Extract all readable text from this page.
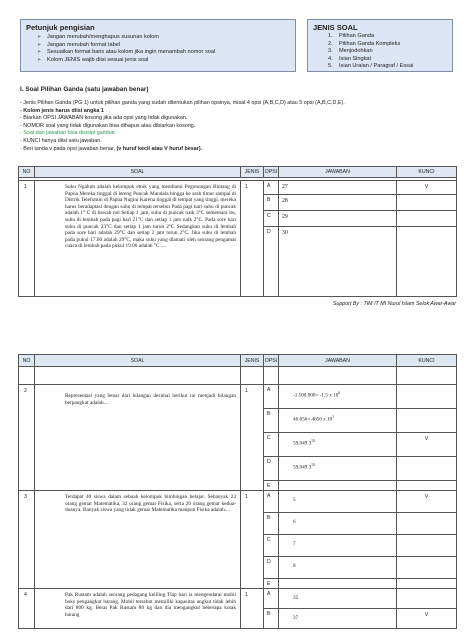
Petunjuk pengisian
➢ Jangan merubah/menghapus susunan kolom
➢ Jangan merubah format tabel
➢ Sesuaikan format baris atau kolom jika ingin menambah nomor soal
➢ Kolom JENIS wajib diisi sesuai jenis soal
JENIS SOAL
1. Pilihan Ganda
2. Pilihan Ganda Kompleks
3. Menjodohkan
4. Isian Singkat
5. Isian Uraian / Paragraf / Essai
I. Soal Pilihan Ganda (satu jawaban benar)
- Jenis Pilihan Ganda (PG 1) untuk pilihan ganda yang sudah ditentukan pilihan opsinya, misal 4 opsi (A,B,C,D) atau 5 opsi (A,B,C,D,E).
- Kolom jenis harus diisi angka 1
- Biarkan OPSI JAWABAN kosong jika ada opsi yang tidak digunakan.
- NOMOR soal yang tidak digunakan bisa dihapus atau dibiarkan kosong.
- Soal dan jawaban bisa disisipi gambar.
- KUNCI hanya diisi satu jawaban.
- Beri tanda v pada opsi jawaban benar, (v huruf kecil atau V huruf besar).
NO	SOAL	JENIS	OPSI	JAWABAN	KUNCI

1	Suku Ngalum adalah kelompok etnik yang mendiami Pegunungan Bintang di Papua Mereka tinggal di lereng Puncak Mandala hingga ke arah timur sampai di Distrik Telefomin di Papua Nugini Karena tinggal di tempat yang tinggi, mereka harus beradaptasi dengan suhu di tempat tersebut Pada pagi hari suhu di puncak adalah 1° C di bawah nol Setiap 1 jam, suhu di puncak naik 3°C sementara itu, suhu di lembah pada pagi hari 21°C dan setiap 1 jam naik 2°C. Pada sore hari suhu di puncak 23°C dan setiap 1 jam turun 2°C Sedangkan suhu di lembah pada sore hari adalah 29°C dan setiap 2 jam turun 2°C. Jika suhu di lembah pada pukul 17.00 adalah 29°C, maka suhu yang diamati oleh seorang pengamat cuaca di lembah pada pukul 19.00 adalah °C ....	1	A	27	V
			B	28	
			C	29	
			D	30	
Support By : TIM IT MI Nurul Islam Selok Awar-Awar
NO	SOAL	JENIS	OPSI	JAWABAN	KUNCI

2	Representasi yang benar dari bilangan desimal berikut ini menjadi bilangan berpangkat adalah....	1	A	-1.500.000= -1,5 x $10^6$	
			B	46.656= 4656 x $10^1$	
			C	59,049 $3^{10}$	V
			D	59,049 $3^{10}$	
			E		
3	Terdapat 40 siswa dalam sebuah kelompok bimbingan belajar. Sebanyak 23 orang gemar Matematika, 32 orang gemar Fisika, serta 20 orang gemar kedua-duanya. Banyak siswa yang tidak gemar Matematika maupun Fisika adalah....	1	A	5	V
			B	6	
			C	7	
			D	8	
			E		
4	Pak Rustam adalah seorang pedagang keliling Tiap hari ia mengendarai mobil boks pengangkut barang. Mobil tersebut memiliki kapasitas angkut tidak lebih dari 800 kg. Berat Pak Rustam 80 kg dan dia mengangkut beberapa kotak barang	1	A	35	
			B	37	V
